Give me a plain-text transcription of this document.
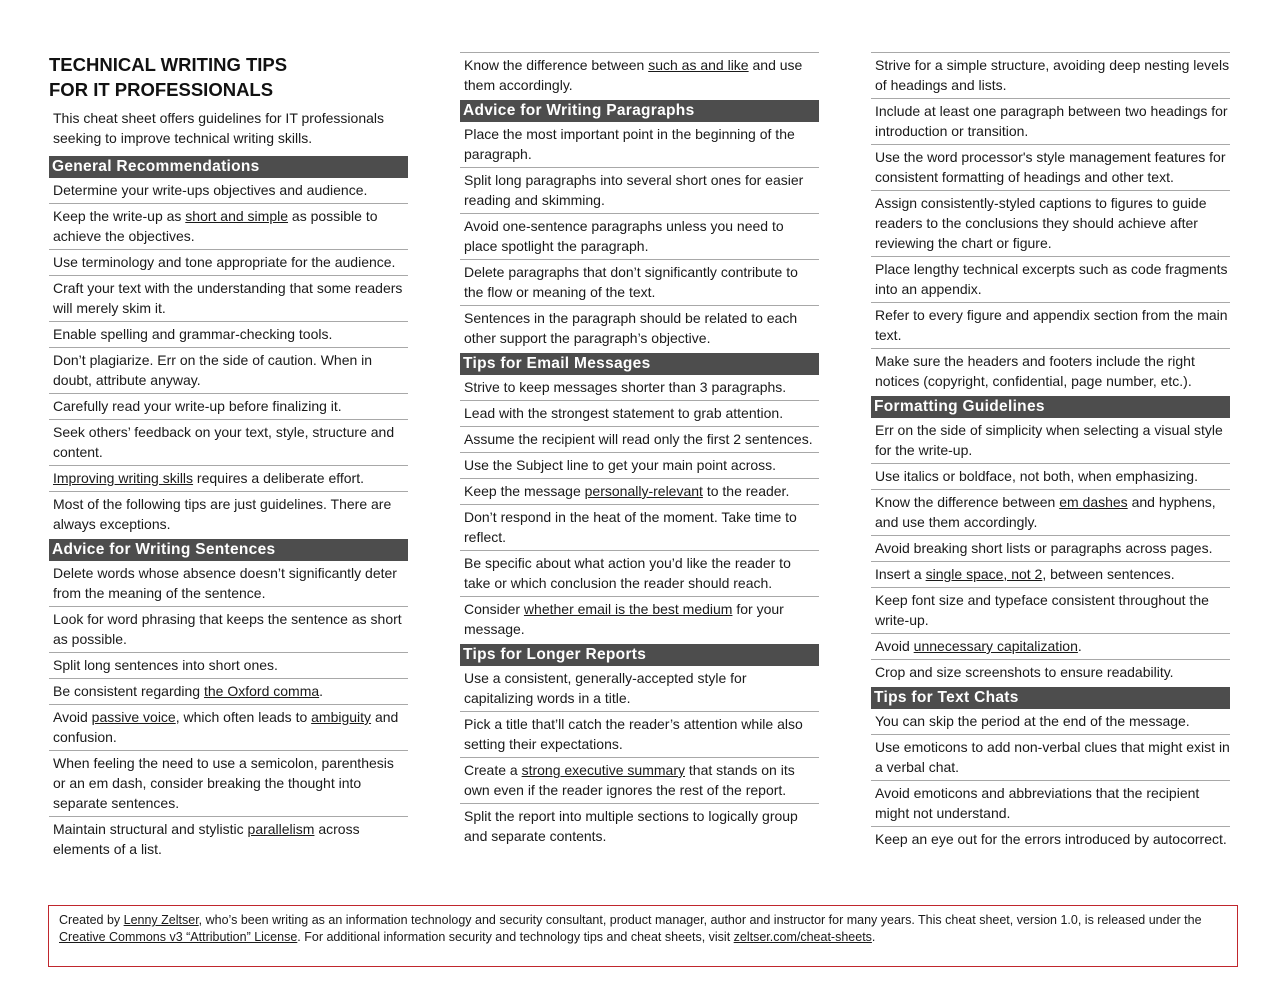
TECHNICAL WRITING TIPS
FOR IT PROFESSIONALS

This cheat sheet offers guidelines for IT professionals seeking to improve technical writing skills.

General Recommendations
Determine your write-ups objectives and audience.
Keep the write-up as short and simple as possible to achieve the objectives.
Use terminology and tone appropriate for the audience.
Craft your text with the understanding that some readers will merely skim it.
Enable spelling and grammar-checking tools.
Don’t plagiarize. Err on the side of caution. When in doubt, attribute anyway.
Carefully read your write-up before finalizing it.
Seek others’ feedback on your text, style, structure and content.
Improving writing skills requires a deliberate effort.
Most of the following tips are just guidelines. There are always exceptions.
Advice for Writing Sentences
Delete words whose absence doesn’t significantly deter from the meaning of the sentence.
Look for word phrasing that keeps the sentence as short as possible.
Split long sentences into short ones.
Be consistent regarding the Oxford comma.
Avoid passive voice, which often leads to ambiguity and confusion.
When feeling the need to use a semicolon, parenthesis or an em dash, consider breaking the thought into separate sentences.
Maintain structural and stylistic parallelism across elements of a list.
Know the difference between such as and like and use them accordingly.
Advice for Writing Paragraphs
Place the most important point in the beginning of the paragraph.
Split long paragraphs into several short ones for easier reading and skimming.
Avoid one-sentence paragraphs unless you need to place spotlight the paragraph.
Delete paragraphs that don’t significantly contribute to the flow or meaning of the text.
Sentences in the paragraph should be related to each other support the paragraph’s objective.
Tips for Email Messages
Strive to keep messages shorter than 3 paragraphs.
Lead with the strongest statement to grab attention.
Assume the recipient will read only the first 2 sentences.
Use the Subject line to get your main point across.
Keep the message personally-relevant to the reader.
Don’t respond in the heat of the moment. Take time to reflect.
Be specific about what action you’d like the reader to take or which conclusion the reader should reach.
Consider whether email is the best medium for your message.
Tips for Longer Reports
Use a consistent, generally-accepted style for capitalizing words in a title.
Pick a title that’ll catch the reader’s attention while also setting their expectations.
Create a strong executive summary that stands on its own even if the reader ignores the rest of the report.
Split the report into multiple sections to logically group and separate contents.
Strive for a simple structure, avoiding deep nesting levels of headings and lists.
Include at least one paragraph between two headings for introduction or transition.
Use the word processor's style management features for consistent formatting of headings and other text.
Assign consistently-styled captions to figures to guide readers to the conclusions they should achieve after reviewing the chart or figure.
Place lengthy technical excerpts such as code fragments into an appendix.
Refer to every figure and appendix section from the main text.
Make sure the headers and footers include the right notices (copyright, confidential, page number, etc.).
Formatting Guidelines
Err on the side of simplicity when selecting a visual style for the write-up.
Use italics or boldface, not both, when emphasizing.
Know the difference between em dashes and hyphens, and use them accordingly.
Avoid breaking short lists or paragraphs across pages.
Insert a single space, not 2, between sentences.
Keep font size and typeface consistent throughout the write-up.
Avoid unnecessary capitalization.
Crop and size screenshots to ensure readability.
Tips for Text Chats
You can skip the period at the end of the message.
Use emoticons to add non-verbal clues that might exist in a verbal chat.
Avoid emoticons and abbreviations that the recipient might not understand.
Keep an eye out for the errors introduced by autocorrect.
Created by Lenny Zeltser, who’s been writing as an information technology and security consultant, product manager, author and instructor for many years. This cheat sheet, version 1.0, is released under the Creative Commons v3 “Attribution” License. For additional information security and technology tips and cheat sheets, visit zeltser.com/cheat-sheets.
